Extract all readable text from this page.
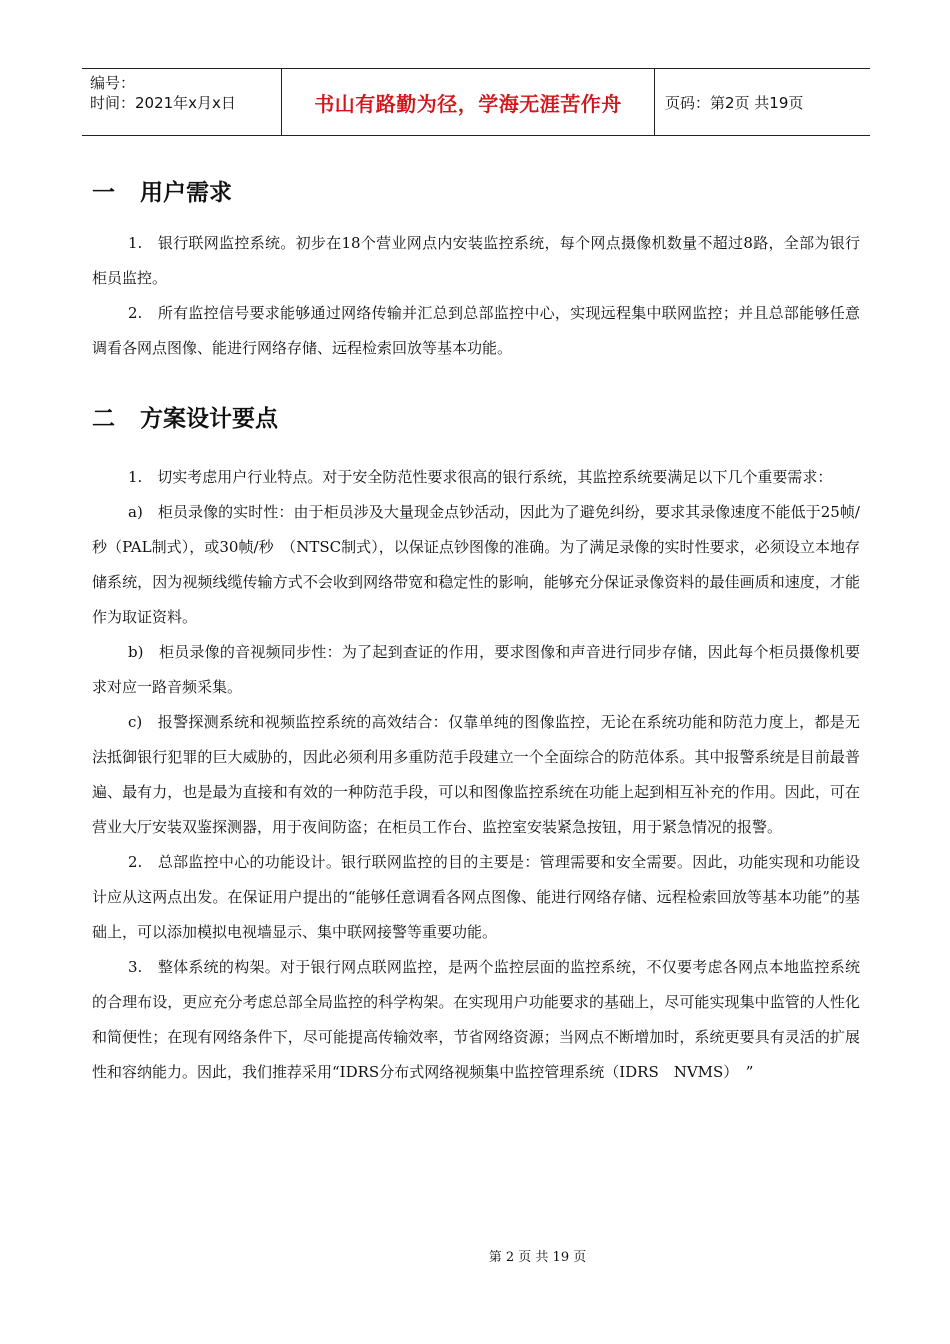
编号：
时间：2021年x月x日	书山有路勤为径，学海无涯苦作舟	页码：第2页 共19页
一	用户需求

1.　银行联网监控系统。初步在18个营业网点内安装监控系统，每个网点摄像机数量不超过8路，全部为银行柜员监控。

2.　所有监控信号要求能够通过网络传输并汇总到总部监控中心，实现远程集中联网监控；并且总部能够任意调看各网点图像、能进行网络存储、远程检索回放等基本功能。

二	方案设计要点

1.　切实考虑用户行业特点。对于安全防范性要求很高的银行系统，其监控系统要满足以下几个重要需求：

a)　柜员录像的实时性：由于柜员涉及大量现金点钞活动，因此为了避免纠纷，要求其录像速度不能低于25帧/秒（PAL制式），或30帧/秒　（NTSC制式），以保证点钞图像的准确。为了满足录像的实时性要求，必须设立本地存储系统，因为视频线缆传输方式不会收到网络带宽和稳定性的影响，能够充分保证录像资料的最佳画质和速度，才能作为取证资料。

b)　柜员录像的音视频同步性：为了起到查证的作用，要求图像和声音进行同步存储，因此每个柜员摄像机要求对应一路音频采集。

c)　报警探测系统和视频监控系统的高效结合：仅靠单纯的图像监控，无论在系统功能和防范力度上，都是无法抵御银行犯罪的巨大威胁的，因此必须利用多重防范手段建立一个全面综合的防范体系。其中报警系统是目前最普遍、最有力，也是最为直接和有效的一种防范手段，可以和图像监控系统在功能上起到相互补充的作用。因此，可在营业大厅安装双鉴探测器，用于夜间防盗；在柜员工作台、监控室安装紧急按钮，用于紧急情况的报警。

2.　总部监控中心的功能设计。银行联网监控的目的主要是：管理需要和安全需要。因此，功能实现和功能设计应从这两点出发。在保证用户提出的“能够任意调看各网点图像、能进行网络存储、远程检索回放等基本功能”的基础上，可以添加模拟电视墙显示、集中联网接警等重要功能。

3.　整体系统的构架。对于银行网点联网监控，是两个监控层面的监控系统，不仅要考虑各网点本地监控系统的合理布设，更应充分考虑总部全局监控的科学构架。在实现用户功能要求的基础上，尽可能实现集中监管的人性化和简便性；在现有网络条件下，尽可能提高传输效率，节省网络资源；当网点不断增加时，系统更要具有灵活的扩展性和容纳能力。因此，我们推荐采用“IDRS分布式网络视频集中监控管理系统（IDRS　NVMS）　”

第 2 页 共 19 页
